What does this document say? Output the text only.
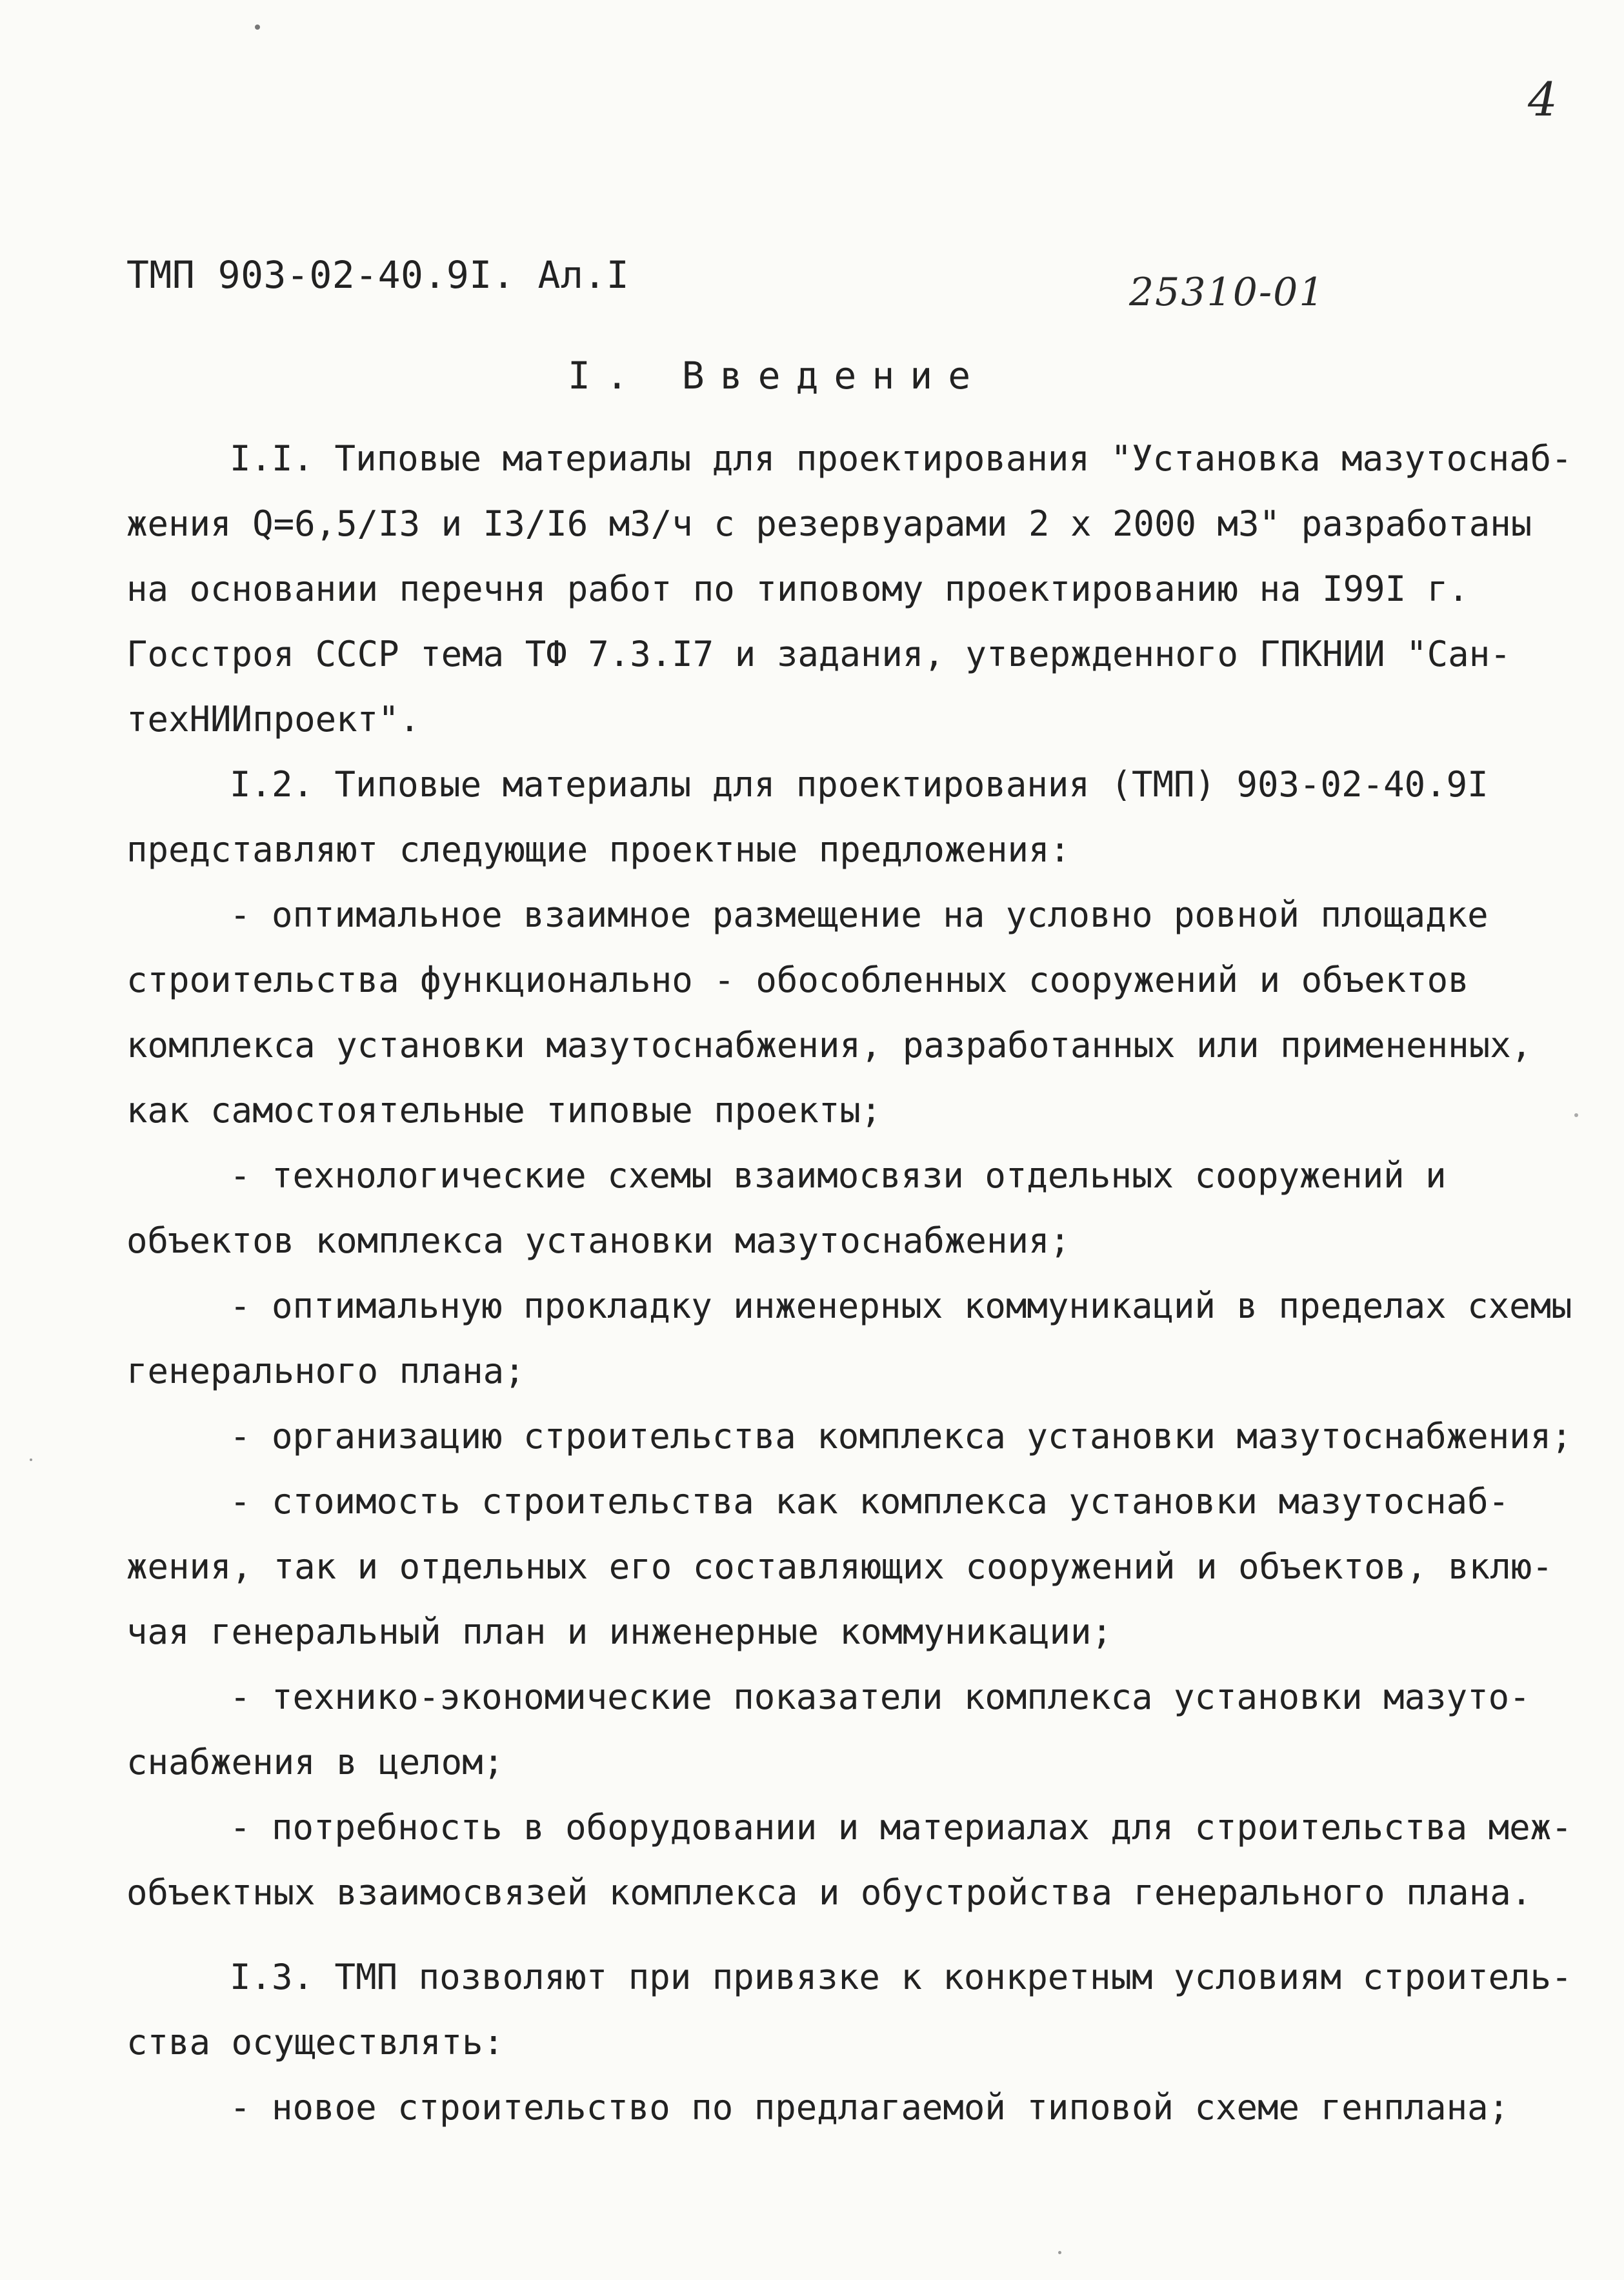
4
ТМП 903-02-40.9I. Ал.I	25310-01
I. Введение
I.I. Типовые материалы для проектирования "Установка мазутоснаб-
жения Q=6,5/I3 и I3/I6 м3/ч с резервуарами 2 х 2000 м3" разработаны
на основании перечня работ по типовому проектированию на I99I г.
Госстроя СССР тема ТФ 7.3.I7 и задания, утвержденного ГПКНИИ "Сан-
техНИИпроект".
I.2. Типовые материалы для проектирования (ТМП) 903-02-40.9I
представляют следующие проектные предложения:
- оптимальное взаимное размещение на условно ровной площадке
строительства функционально - обособленных сооружений и объектов
комплекса установки мазутоснабжения, разработанных или примененных,
как самостоятельные типовые проекты;
- технологические схемы взаимосвязи отдельных сооружений и
объектов комплекса установки мазутоснабжения;
- оптимальную прокладку инженерных коммуникаций в пределах схемы
генерального плана;
- организацию строительства комплекса установки мазутоснабжения;
- стоимость строительства как комплекса установки мазутоснаб-
жения, так и отдельных его составляющих сооружений и объектов, вклю-
чая генеральный план и инженерные коммуникации;
- технико-экономические показатели комплекса установки мазуто-
снабжения в целом;
- потребность в оборудовании и материалах для строительства меж-
объектных взаимосвязей комплекса и обустройства генерального плана.
I.3. ТМП позволяют при привязке к конкретным условиям строитель-
ства осуществлять:
- новое строительство по предлагаемой типовой схеме генплана;
